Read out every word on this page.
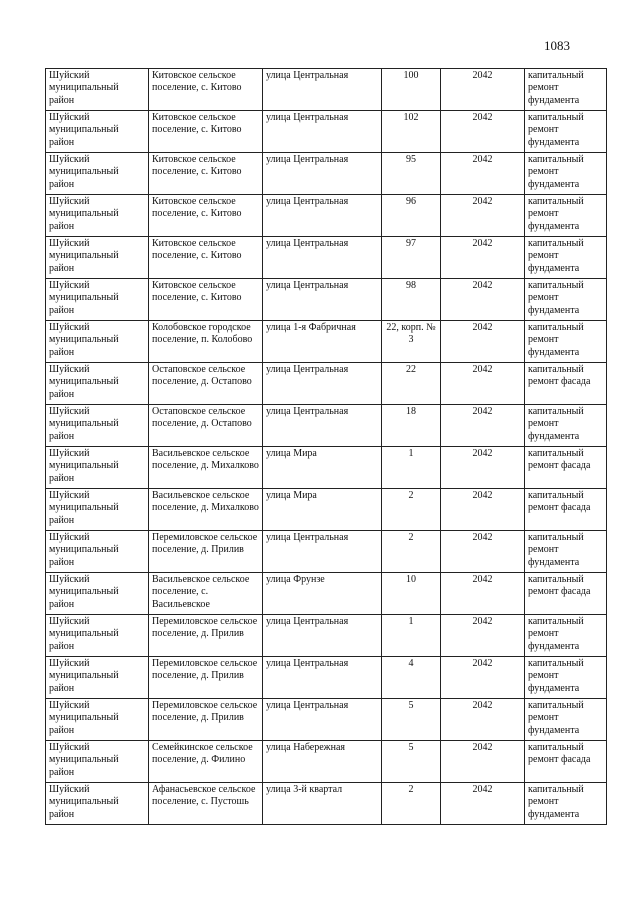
1083
Шуйский муниципальный район	Китовское сельское поселение, с. Китово	улица Центральная	100	2042	капитальный ремонт фундамента
Шуйский муниципальный район	Китовское сельское поселение, с. Китово	улица Центральная	102	2042	капитальный ремонт фундамента
Шуйский муниципальный район	Китовское сельское поселение, с. Китово	улица Центральная	95	2042	капитальный ремонт фундамента
Шуйский муниципальный район	Китовское сельское поселение, с. Китово	улица Центральная	96	2042	капитальный ремонт фундамента
Шуйский муниципальный район	Китовское сельское поселение, с. Китово	улица Центральная	97	2042	капитальный ремонт фундамента
Шуйский муниципальный район	Китовское сельское поселение, с. Китово	улица Центральная	98	2042	капитальный ремонт фундамента
Шуйский муниципальный район	Колобовское городское поселение, п. Колобово	улица 1-я Фабричная	22, корп. № 3	2042	капитальный ремонт фундамента
Шуйский муниципальный район	Остаповское сельское поселение, д. Остапово	улица Центральная	22	2042	капитальный ремонт фасада
Шуйский муниципальный район	Остаповское сельское поселение, д. Остапово	улица Центральная	18	2042	капитальный ремонт фундамента
Шуйский муниципальный район	Васильевское сельское поселение, д. Михалково	улица Мира	1	2042	капитальный ремонт фасада
Шуйский муниципальный район	Васильевское сельское поселение, д. Михалково	улица Мира	2	2042	капитальный ремонт фасада
Шуйский муниципальный район	Перемиловское сельское поселение, д. Прилив	улица Центральная	2	2042	капитальный ремонт фундамента
Шуйский муниципальный район	Васильевское сельское поселение, с. Васильевское	улица Фрунзе	10	2042	капитальный ремонт фасада
Шуйский муниципальный район	Перемиловское сельское поселение, д. Прилив	улица Центральная	1	2042	капитальный ремонт фундамента
Шуйский муниципальный район	Перемиловское сельское поселение, д. Прилив	улица Центральная	4	2042	капитальный ремонт фундамента
Шуйский муниципальный район	Перемиловское сельское поселение, д. Прилив	улица Центральная	5	2042	капитальный ремонт фундамента
Шуйский муниципальный район	Семейкинское сельское поселение, д. Филино	улица Набережная	5	2042	капитальный ремонт фасада
Шуйский муниципальный район	Афанасьевское сельское поселение, с. Пустошь	улица 3-й квартал	2	2042	капитальный ремонт фундамента
